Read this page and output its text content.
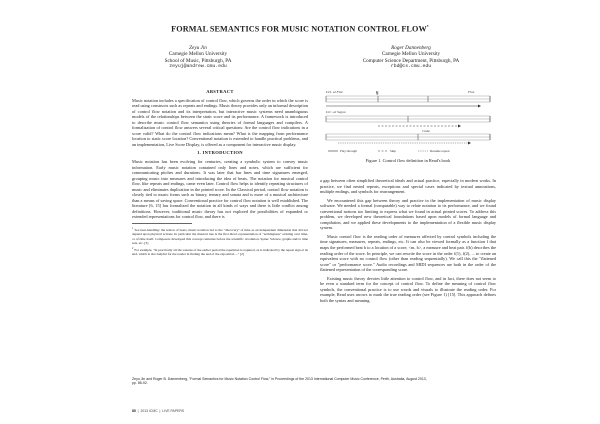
FORMAL SEMANTICS FOR MUSIC NOTATION CONTROL FLOW*
Zeyu Jin
Carnegie Mellon University
School of Music, Pittsburgh, PA
zeyuj@andrew.cmu.edu
Roger Dannenberg
Carnegie Mellon University
Computer Science Department, Pittsburgh, PA
rbd@cs.cmu.edu
ABSTRACT

Music notation includes a specification of control flow, which governs the order in which the score is read using constructs such as repeats and endings. Music theory provides only an informal description of control flow notation and its interpretation, but interactive music systems need unambiguous models of the relationships between the static score and its performance. A framework is introduced to describe music control flow semantics using theories of formal languages and compilers. A formalization of control flow answers several critical questions: Are the control flow indications in a score valid? What do the control flow indications mean? What is the mapping from performance location to static score location? Conventional notation is extended to handle practical problems, and an implementation, Live Score Display, is offered as a component for interactive music display.

1. INTRODUCTION

Music notation has been evolving for centuries, creating a symbolic system to convey music information. Early music notation contained only lines and notes, which are sufficient for communicating pitches and durations. It was later that bar lines and time signatures emerged, grouping music into measures and introducing the idea of beats. The notation for musical control flow, like repeats and endings, came even later. Control flow helps to identify repeating structures of music and eliminates duplication in the printed score. In the Classical period, control flow notation is closely tied to music forms such as binary, ternary and sonata and is more of a musical architecture than a means of saving space. Conventional practice for control flow notation is well established. The literature [6, 15] has formalized the notation in all kinds of ways and there is little conflict among definitions. However, traditional music theory has not explored the possibilities of expanded or extended representations for control flow, and there is

$^1$ See beat-handling: the notion of beats, music notation led to the "discovery" of time as an independent dimension that did not depend upon physical actions. In particular the musical tree is the first direct representation of "nothingness" existing over time, or of time itself. Composers developed this concept centuries before the scientific revolution. Spine: Science, graphs and/or time sets, etc. [3]

$^2$ For example, "In practically all the sonatas of the earlier period the repetition is required, as is indicated by the repeat sign at its end, which is also helpful for the reader in finding the end of the exposition ..." [2]

𝄋	Fine
D.S. al Fine
D.C. al Segno
Coda
Play through	Skip	Resume repeat
Figure 1. Control flow definition in Read's book

a gap between often simplified theoretical ideals and actual practice, especially in modern works. In practice, we find nested repeats, exceptions and special cases indicated by textual annotations, multiple endings, and symbols for rearrangement.

We encountered this gap between theory and practice in the implementation of music display software. We needed a formal (computable) way to relate notation to its performance, and we found conventional notions too limiting to express what we found in actual printed scores. To address this problem, we developed new theoretical foundations based upon models of formal language and compilation, and we applied these developments to the implementation of a flexible music display system.

Music control flow is the reading order of measures affected by control symbols including the time signatures, measures, repeats, endings, etc. It can also be viewed formally as a function f that maps the performed beat b to a location of a score, <m, b>, a measure and beat pair. f(b) describes the reading order of the score. In principle, we can rewrite the score in the order f(1), f(2), ... to create an equivalent score with no control flow (other than reading sequentially). We call this the "flattened score" or "performance score." Audio recordings and MIDI sequences are both in the order of the flattened representation of the corresponding score.

Existing music theory devotes little attention to control flow, and in fact, there does not seem to be even a standard term for the concept of control flow. To define the meaning of control flow symbols, the conventional practice is to use words and visuals to illustrate the reading order. For example, Read uses arrows to mark the true reading order (see Figure 1) [15]. This approach defines both the syntax and meaning.

Zeyu Jin and Roger B. Dannenberg, "Formal Semantics for Music Notation Control Flow," in Proceedings of the 2013 International Computer Music Conference, Perth, Australia, August 2013, pp. 85-92.
85  |  2013 ICMC  |  LIVE PAPERS
